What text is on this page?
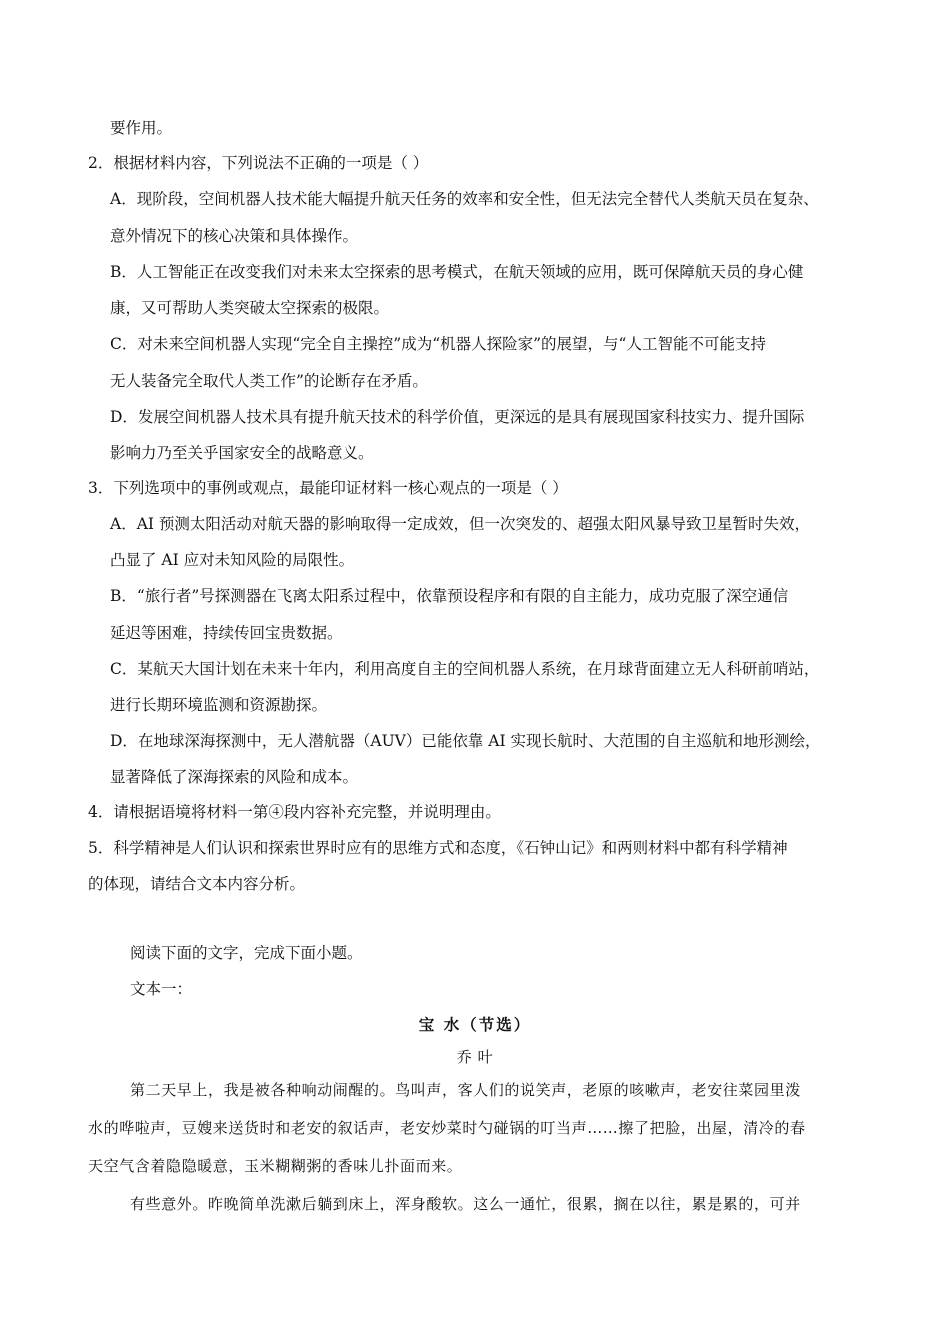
要作用。
2．根据材料内容，下列说法不正确的一项是（ ）
A．现阶段，空间机器人技术能大幅提升航天任务的效率和安全性，但无法完全替代人类航天员在复杂、
意外情况下的核心决策和具体操作。
B．人工智能正在改变我们对未来太空探索的思考模式，在航天领域的应用，既可保障航天员的身心健
康，又可帮助人类突破太空探索的极限。
C．对未来空间机器人实现“完全自主操控”成为“机器人探险家”的展望，与“人工智能不可能支持
无人装备完全取代人类工作”的论断存在矛盾。
D．发展空间机器人技术具有提升航天技术的科学价值，更深远的是具有展现国家科技实力、提升国际
影响力乃至关乎国家安全的战略意义。
3．下列选项中的事例或观点，最能印证材料一核心观点的一项是（ ）
A．AI 预测太阳活动对航天器的影响取得一定成效，但一次突发的、超强太阳风暴导致卫星暂时失效，
凸显了 AI 应对未知风险的局限性。
B．“旅行者”号探测器在飞离太阳系过程中，依靠预设程序和有限的自主能力，成功克服了深空通信
延迟等困难，持续传回宝贵数据。
C．某航天大国计划在未来十年内，利用高度自主的空间机器人系统，在月球背面建立无人科研前哨站，
进行长期环境监测和资源勘探。
D．在地球深海探测中，无人潜航器（AUV）已能依靠 AI 实现长航时、大范围的自主巡航和地形测绘，
显著降低了深海探索的风险和成本。
4．请根据语境将材料一第④段内容补充完整，并说明理由。
5．科学精神是人们认识和探索世界时应有的思维方式和态度，《石钟山记》和两则材料中都有科学精神
的体现，请结合文本内容分析。
阅读下面的文字，完成下面小题。
文本一：
宝 水（节选）
乔 叶
第二天早上，我是被各种响动闹醒的。鸟叫声，客人们的说笑声，老原的咳嗽声，老安往菜园里泼
水的哗啦声，豆嫂来送货时和老安的叙话声，老安炒菜时勺碰锅的叮当声……擦了把脸，出屋，清冷的春
天空气含着隐隐暖意，玉米糊糊粥的香味儿扑面而来。
有些意外。昨晚简单洗漱后躺到床上，浑身酸软。这么一通忙，很累，搁在以往，累是累的，可并
